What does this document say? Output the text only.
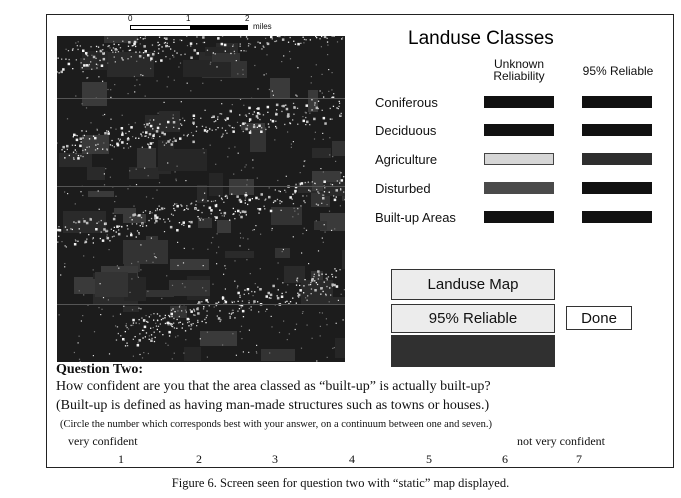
0	1	2
miles
Landuse Classes
Unknown
Reliability	95% Reliable
Coniferous
Deciduous
Agriculture
Disturbed
Built-up Areas
Landuse Map
95% Reliable	Done
Question Two:
How confident are you that the area classed as “built-up” is actually built-up?
(Built-up is defined as having man-made structures such as towns or houses.)
(Circle the number which corresponds best with your answer, on a continuum between one and seven.)
very confident	not very confident
1	2	3	4	5	6	7
Figure 6. Screen seen for question two with “static” map displayed.
